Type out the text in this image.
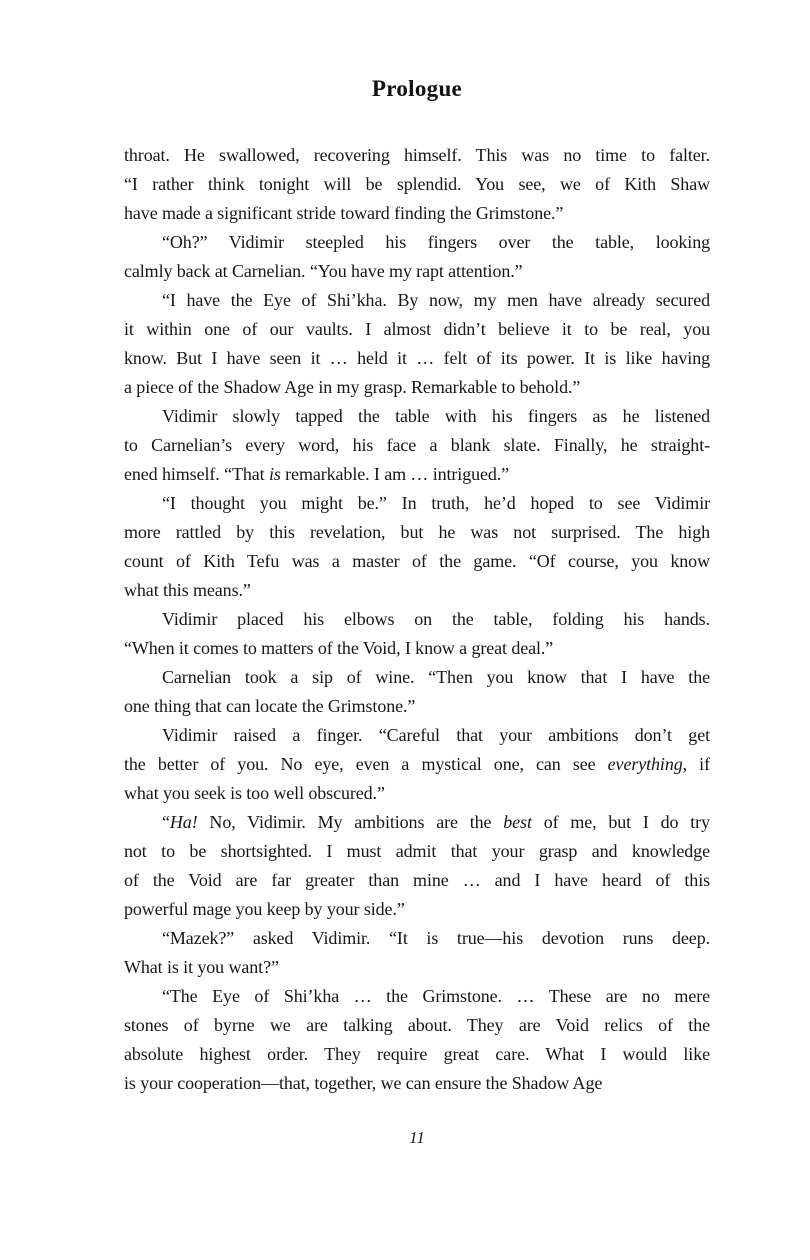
Prologue
throat. He swallowed, recovering himself. This was no time to falter.
“I rather think tonight will be splendid. You see, we of Kith Shaw
have made a significant stride toward finding the Grimstone.”
“Oh?” Vidimir steepled his fingers over the table, looking
calmly back at Carnelian. “You have my rapt attention.”
“I have the Eye of Shi’kha. By now, my men have already secured
it within one of our vaults. I almost didn’t believe it to be real, you
know. But I have seen it … held it … felt of its power. It is like having
a piece of the Shadow Age in my grasp. Remarkable to behold.”
Vidimir slowly tapped the table with his fingers as he listened
to Carnelian’s every word, his face a blank slate. Finally, he straight-
ened himself. “That is remarkable. I am … intrigued.”
“I thought you might be.” In truth, he’d hoped to see Vidimir
more rattled by this revelation, but he was not surprised. The high
count of Kith Tefu was a master of the game. “Of course, you know
what this means.”
Vidimir placed his elbows on the table, folding his hands.
“When it comes to matters of the Void, I know a great deal.”
Carnelian took a sip of wine. “Then you know that I have the
one thing that can locate the Grimstone.”
Vidimir raised a finger. “Careful that your ambitions don’t get
the better of you. No eye, even a mystical one, can see everything, if
what you seek is too well obscured.”
“Ha! No, Vidimir. My ambitions are the best of me, but I do try
not to be shortsighted. I must admit that your grasp and knowledge
of the Void are far greater than mine … and I have heard of this
powerful mage you keep by your side.”
“Mazek?” asked Vidimir. “It is true—his devotion runs deep.
What is it you want?”
“The Eye of Shi’kha … the Grimstone. … These are no mere
stones of byrne we are talking about. They are Void relics of the
absolute highest order. They require great care. What I would like
is your cooperation—that, together, we can ensure the Shadow Age
11
